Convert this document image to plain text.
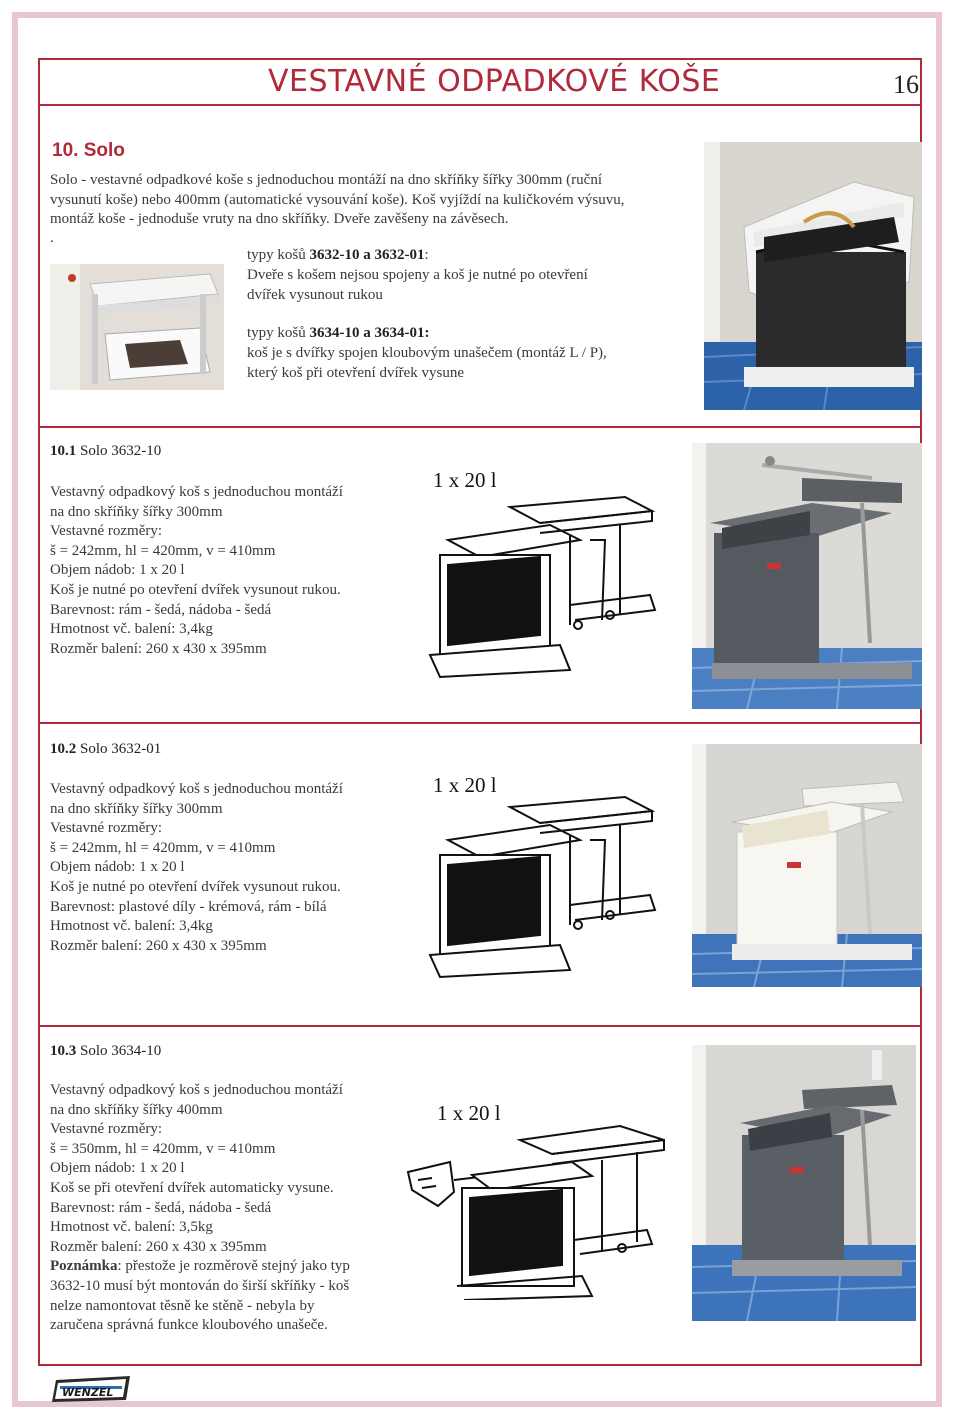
VESTAVNÉ ODPADKOVÉ KOŠE	16
10. Solo
Solo - vestavné odpadkové koše s jednoduchou montáží na dno skříňky šířky 300mm (ruční
vysunutí koše) nebo 400mm (automatické vysouvání koše). Koš vyjíždí na kuličkovém výsuvu,
montáž koše - jednoduše vruty na dno skříňky. Dveře zavěšeny na závěsech.
.
typy košů 3632-10 a 3632-01:
Dveře s košem nejsou spojeny a koš je nutné po otevření
dvířek vysunout rukou
typy košů 3634-10 a 3634-01:
koš je s dvířky spojen kloubovým unašečem (montáž L / P),
který koš při otevření dvířek vysune
10.1 Solo 3632-10
Vestavný odpadkový koš s jednoduchou montáží
na dno skříňky šířky 300mm
Vestavné rozměry:
š = 242mm, hl = 420mm, v = 410mm
Objem nádob: 1 x 20 l
Koš je nutné po otevření dvířek vysunout rukou.
Barevnost: rám - šedá, nádoba - šedá
Hmotnost vč. balení: 3,4kg
Rozměr balení: 260 x 430 x 395mm
1 x 20 l
10.2 Solo 3632-01
Vestavný odpadkový koš s jednoduchou montáží
na dno skříňky šířky 300mm
Vestavné rozměry:
š = 242mm, hl = 420mm, v = 410mm
Objem nádob: 1 x 20 l
Koš je nutné po otevření dvířek vysunout rukou.
Barevnost: plastové díly - krémová, rám - bílá
Hmotnost vč. balení: 3,4kg
Rozměr balení: 260 x 430 x 395mm
1 x 20 l
10.3 Solo 3634-10
Vestavný odpadkový koš s jednoduchou montáží
na dno skříňky šířky 400mm
Vestavné rozměry:
š = 350mm, hl = 420mm, v = 410mm
Objem nádob: 1 x 20 l
Koš se při otevření dvířek automaticky vysune.
Barevnost: rám - šedá, nádoba - šedá
Hmotnost vč. balení: 3,5kg
Rozměr balení: 260 x 430 x 395mm
Poznámka: přestože je rozměrově stejný jako typ
3632-10 musí být montován do širší skříňky - koš
nelze namontovat těsně ke stěně - nebyla by
zaručena správná funkce kloubového unašeče.
1 x 20 l
WENZEL
